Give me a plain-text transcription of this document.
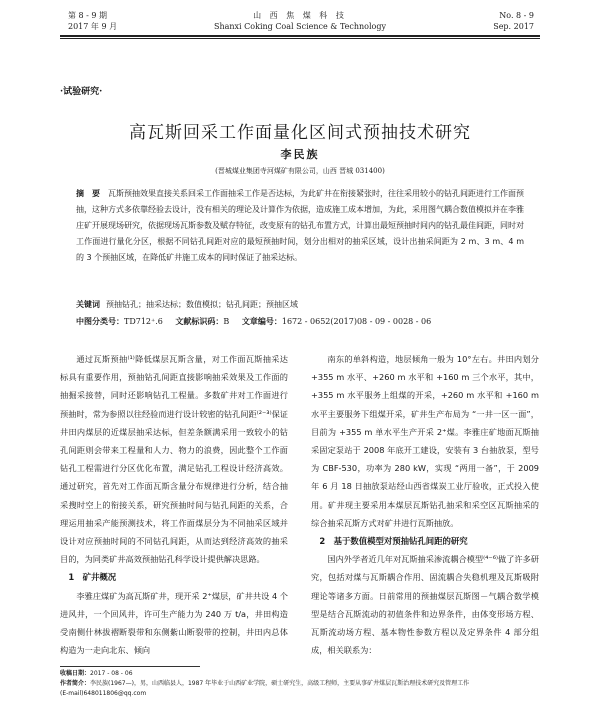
第 8 - 9 期
2017 年 9 月
山 西 焦 煤 科 技
Shanxi Coking Coal Science & Technology
No. 8 - 9
Sep. 2017
·试验研究·
高瓦斯回采工作面量化区间式预抽技术研究
李民族
(晋城煤业集团寺河煤矿有限公司，山西 晋城 031400)
摘　要 瓦斯预抽效果直接关系回采工作面抽采工作是否达标，为此矿井在衔接紧张时，往往采用较小的钻孔间距进行工作面预抽，这种方式多依靠经验去设计，没有相关的理论及计算作为依据，造成施工成本增加，为此，采用图气耦合数值模拟并在李雅庄矿开展现场研究，依据现场瓦斯参数及赋存特征，改变原有的钻孔布置方式，计算出最短预抽时间内的钻孔最佳间距，同时对工作面进行量化分区，根据不同钻孔间距对应的最短预抽时间，划分出相对的抽采区域，设计出抽采间距为 2 m、3 m、4 m 的 3 个预抽区域，在降低矿井施工成本的同时保证了抽采达标。
关键词 预抽钻孔；抽采达标；数值模拟；钻孔间距；预抽区域
中图分类号：TD712⁺.6 文献标识码：B 文章编号：1672 - 0652(2017)08 - 09 - 0028 - 06

通过瓦斯预抽⁽¹⁾降低煤层瓦斯含量，对工作面瓦斯抽采达标具有重要作用，预抽钻孔间距直接影响抽采效果及工作面的抽掘采接替，同时还影响钻孔工程量。多数矿井对工作面进行预抽时，常为参照以往经验而进行设计较密的钻孔间距⁽²⁻³⁾保证井田内煤层的近煤层抽采达标，但差条额满采用一致较小的钻孔间距则会带来工程量和人力、物力的浪费，因此整个工作面钻孔工程需进行分区优化布置，满足钻孔工程设计经济高效。通过研究，首先对工作面瓦斯含量分布规律进行分析，结合抽采搜时空上的衔接关系，研究预抽时间与钻孔间距的关系，合理运用抽采产能预测技术，将工作面煤层分为不同抽采区域并设计对应预抽时间的不同钻孔间距，从而达到经济高效的抽采目的，为同类矿井高效预抽钻孔科学设计提供解决思路。

1　矿井概况

李雅庄煤矿为高瓦斯矿井，现开采 2⁺煤层，矿井共设 4 个进风井，一个回风井，许可生产能力为 240 万 t/a，井田构造受南侧什林拔褶断裂带和东侧紫山断裂带的控制，井田内总体构造为一走向北东、倾向

南东的单斜构造，地层倾角一般为 10°左右。井田内划分 +355 m 水平、+260 m 水平和 +160 m 三个水平，其中，+355 m 水平服务上组煤的开采，+260 m 水平和 +160 m 水平主要服务下组煤开采，矿井生产布局为 “一井一区一面”，目前为 +355 m 单水平生产开采 2⁺煤。李雅庄矿地面瓦斯抽采固定泵站于 2008 年底开工建设，安装有 3 台抽放泵，型号为 CBF-530，功率为 280 kW，实现 “两用一备”，于 2009 年 6 月 18 日抽放泵站经山西省煤炭工业厅验收，正式投入使用。矿井现主要采用本煤层瓦斯钻孔抽采和采空区瓦斯抽采的综合抽采瓦斯方式对矿井进行瓦斯抽放。

2　基于数值模型对预抽钻孔间距的研究

国内外学者近几年对瓦斯抽采渗流耦合模型⁽⁴⁻⁶⁾做了许多研究，包括对煤与瓦斯耦合作用、固流耦合失稳机理及瓦斯吸附理论等诸多方面。日前常用的预抽煤层瓦斯图－气耦合数学模型是结合瓦斯流动的初值条件和边界条件，由体变形场方程、瓦斯流动场方程、基本物性参数方程以及定界条件 4 部分组成，相关联系为：

收稿日期：2017 - 08 - 06
作者简介：李民族(1967—)，男，山西临县人，1987 年毕业于山西矿业学院，硕士研究生，高级工程师，主要从事矿井煤层瓦斯治理技术研究及管理工作
(E-mail)648011806@qq.com
